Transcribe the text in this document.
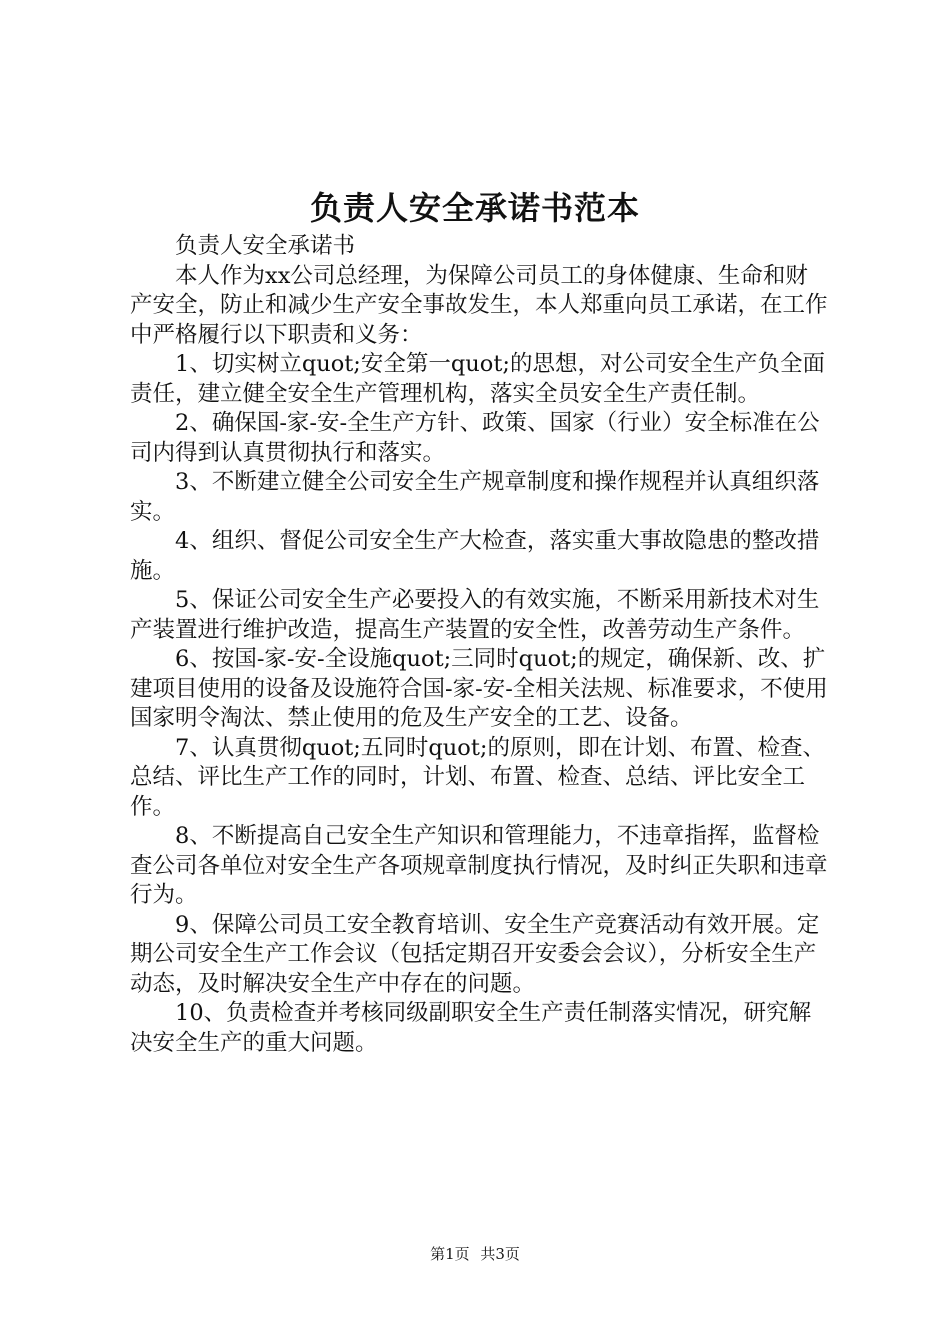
负责人安全承诺书范本

负责人安全承诺书

本人作为xx公司总经理，为保障公司员工的身体健康、生命和财产安全，防止和减少生产安全事故发生，本人郑重向员工承诺，在工作中严格履行以下职责和义务：

1、切实树立quot;安全第一quot;的思想，对公司安全生产负全面责任，建立健全安全生产管理机构，落实全员安全生产责任制。

2、确保国-家-安-全生产方针、政策、国家（行业）安全标准在公司内得到认真贯彻执行和落实。

3、不断建立健全公司安全生产规章制度和操作规程并认真组织落实。

4、组织、督促公司安全生产大检查，落实重大事故隐患的整改措施。

5、保证公司安全生产必要投入的有效实施，不断采用新技术对生产装置进行维护改造，提高生产装置的安全性，改善劳动生产条件。

6、按国-家-安-全设施quot;三同时quot;的规定，确保新、改、扩建项目使用的设备及设施符合国-家-安-全相关法规、标准要求，不使用国家明令淘汰、禁止使用的危及生产安全的工艺、设备。

7、认真贯彻quot;五同时quot;的原则，即在计划、布置、检查、总结、评比生产工作的同时，计划、布置、检查、总结、评比安全工作。

8、不断提高自己安全生产知识和管理能力，不违章指挥，监督检查公司各单位对安全生产各项规章制度执行情况，及时纠正失职和违章行为。

9、保障公司员工安全教育培训、安全生产竞赛活动有效开展。定期公司安全生产工作会议（包括定期召开安委会会议），分析安全生产动态，及时解决安全生产中存在的问题。

10、负责检查并考核同级副职安全生产责任制落实情况，研究解决安全生产的重大问题。

第1页 共3页
